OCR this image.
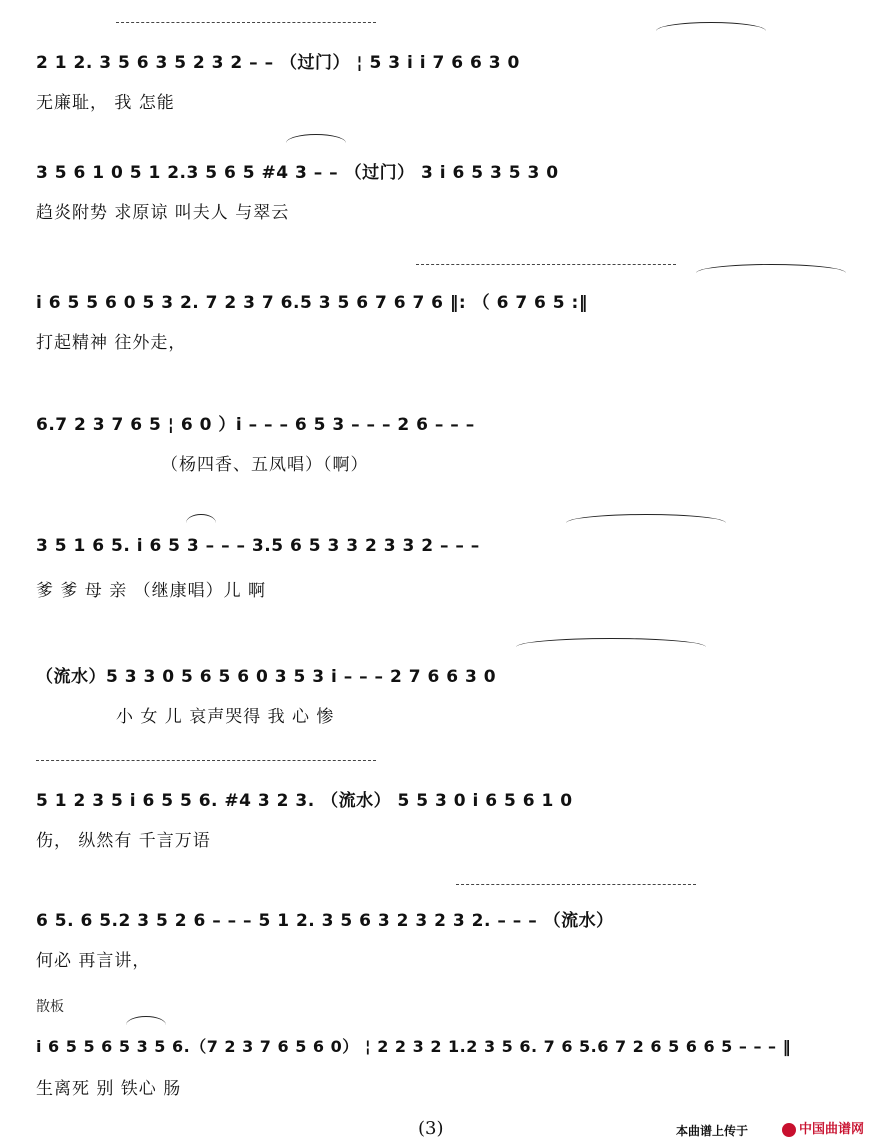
2 1 2. 3 5 6 3 5 2 3 2 – – （过门） ¦ 5 3 i i 7 6 6 3 0
无廉耻， 我 怎能
3 5 6 1 0 5 1 2.3 5 6 5 #4 3 – – （过门） 3 i 6 5 3 5 3 0
趋炎附势 求原谅 叫夫人 与翠云
i 6 5 5 6 0 5 3 2. 7 2 3 7 6.5 3 5 6 7 6 7 6 ‖: （ 6 7 6 5 :‖
打起精神 往外走，
6.7 2 3 7 6 5 ¦ 6 0 ）i – – – 6 5 3 – – – 2 6 – – –
（杨四香、五凤唱）（啊）
3 5 1 6 5. i 6 5 3 – – – 3.5 6 5 3 3 2 3 3 2 – – –
爹 爹 母 亲 （继康唱）儿 啊
（流水）5 3 3 0 5 6 5 6 0 3 5 3 i – – – 2 7 6 6 3 0
小 女 儿 哀声哭得 我 心 惨
5 1 2 3 5 i 6 5 5 6. #4 3 2 3. （流水） 5 5 3 0 i 6 5 6 1 0
伤， 纵然有 千言万语
6 5. 6 5.2 3 5 2 6 – – – 5 1 2. 3 5 6 3 2 3 2 3 2. – – – （流水）
何必 再言讲，
散板
i 6 5 5 6 5 3 5 6.（7 2 3 7 6 5 6 0） ¦ 2 2 3 2 1.2 3 5 6. 7 6 5.6 7 2 6 5 6 6 5 – – – ‖
生离死 别 铁心 肠
(3)	本曲谱上传于	中国曲谱网
